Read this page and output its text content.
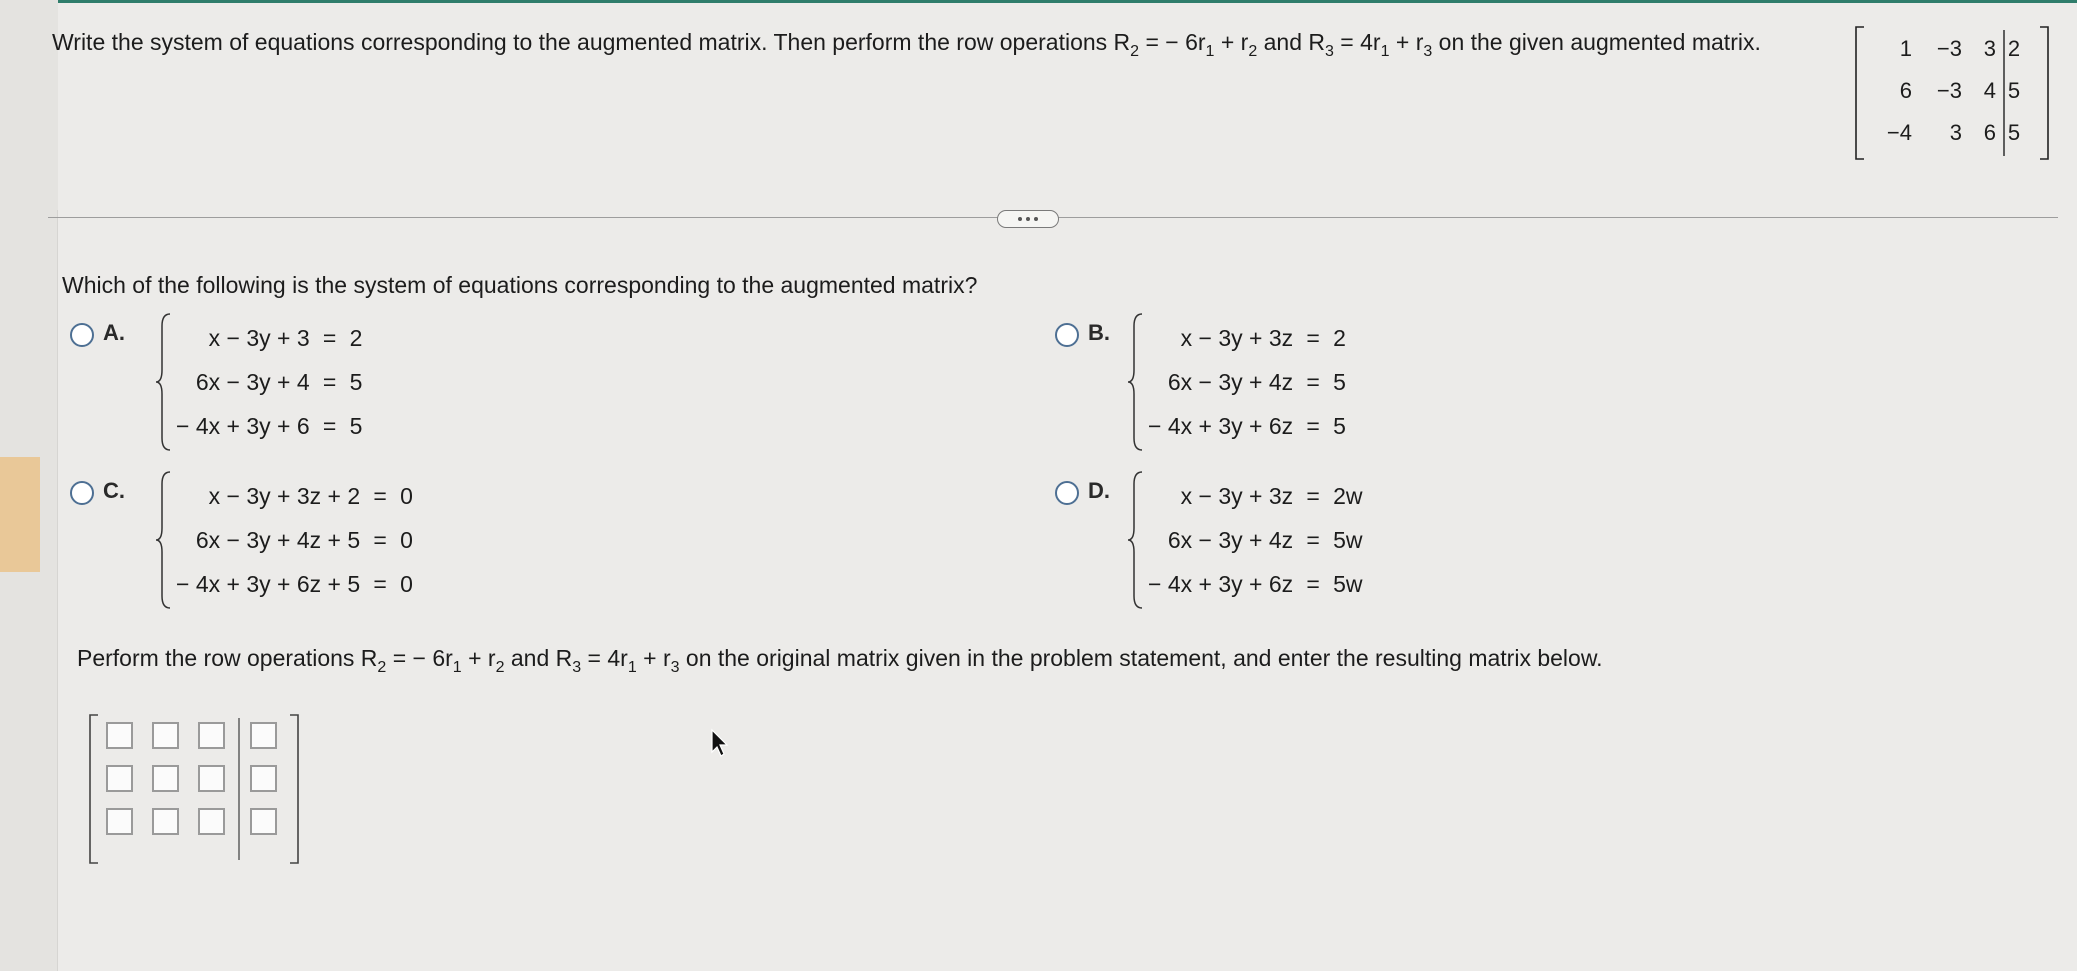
Write the system of equations corresponding to the augmented matrix. Then perform the row operations $R_2$ = − $6r_1 + r_2$ and $R_3 = 4r_1 + r_3$ on the given augmented matrix.	1	−3 3 2
6	−3 4 5
−4	3 6 5
Which of the following is the system of equations corresponding to the augmented matrix?
A.	x − 3y + 3 = 2
6x − 3y + 4 = 5
− 4x + 3y + 6 = 5
B.	x − 3y + 3z = 2
6x − 3y + 4z = 5
− 4x + 3y + 6z = 5
C.	x − 3y + 3z + 2 = 0
6x − 3y + 4z + 5 = 0
− 4x + 3y + 6z + 5 = 0
D.	x − 3y + 3z = 2w
6x − 3y + 4z = 5w
− 4x + 3y + 6z = 5w
Perform the row operations $R_2$ = − $6r_1 + r_2$ and $R_3 = 4r_1 + r_3$ on the original matrix given in the problem statement, and enter the resulting matrix below.
